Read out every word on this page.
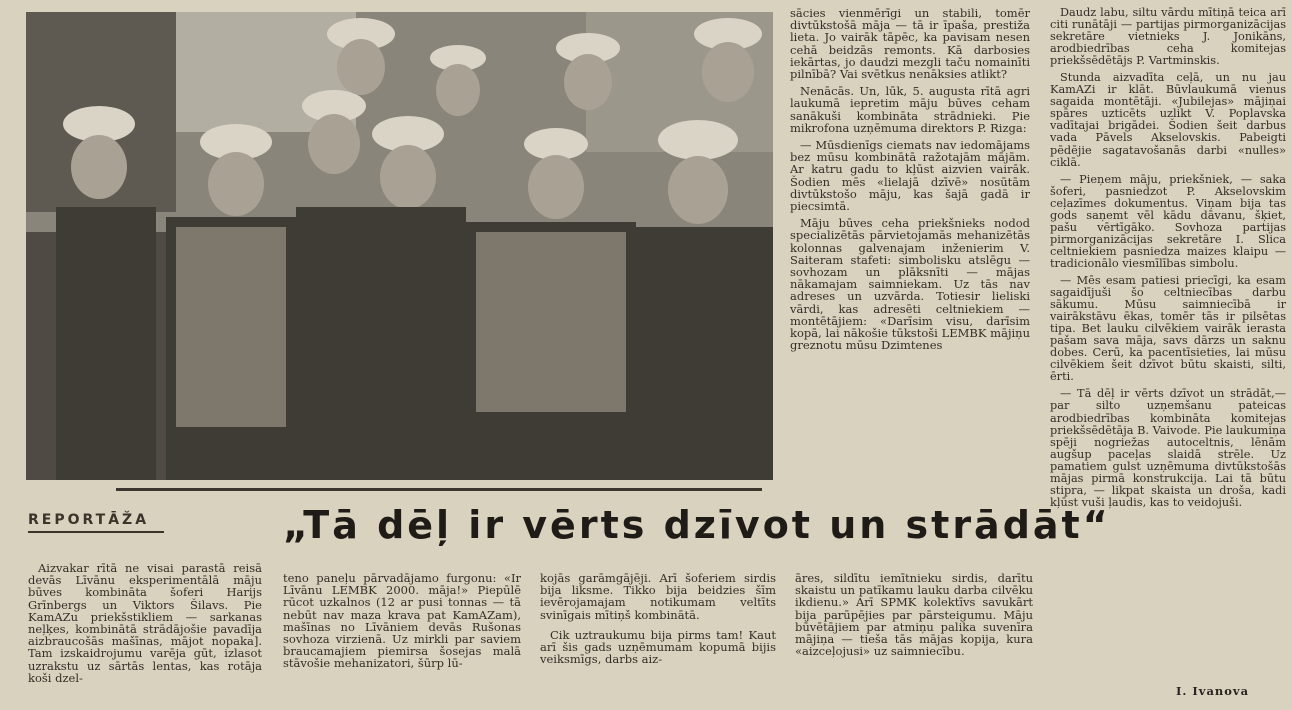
sācies vienmērīgi un stabili, tomēr divtūkstošā māja — tā ir īpaša, prestiža lieta. Jo vairāk tāpēc, ka pavisam nesen cehā beidzās remonts. Kā darbosies iekārtas, jo daudzi mezgli taču nomainīti pilnībā? Vai svētkus nenāksies atlikt?

Nenācās. Un, lūk, 5. augusta rītā agri laukumā iepretim māju būves ceham sanākuši kombināta strādnieki. Pie mikrofona uzņēmuma direktors P. Rizga:

— Mūsdienīgs ciemats nav iedomājams bez mūsu kombinātā ražotajām mājām. Ar katru gadu to kļūst aizvien vairāk. Šodien mēs «lielajā dzīvē» nosūtām divtūkstošo māju, kas šajā gadā ir piecsimtā.

Māju būves ceha priekšnieks nodod specializētās pārvietojamās mehanizētās kolonnas galvenajam inženierim V. Saiteram stafeti: simbolisku atslēgu — sovhozam un plāksnīti — mājas nākamajam saimniekam. Uz tās nav adreses un uzvārda. Totiesir lieliski vārdi, kas adresēti celtniekiem — montētājiem: «Darīsim visu, darīsim kopā, lai nākošie tūkstoši LEMBK mājiņu greznotu mūsu Dzimtenes

Daudz labu, siltu vārdu mītiņā teica arī citi runātāji — partijas pirmorganizācijas sekretāre vietnieks J. Jonikāns, arodbiedrības ceha komitejas priekšsēdētājs P. Vartminskis.

Stunda aizvadīta ceļā, un nu jau KamAZi ir klāt. Būvlaukumā vienus sagaida montētāji. «Jubilejas» mājiņai spāres uzticēts uzlikt V. Poplavska vadītajai brigādei. Šodien šeit darbus vada Pāvels Akselovskis. Pabeigti pēdējie sagatavošanās darbi «nulles» ciklā.

— Pieņem māju, priekšniek, — saka šoferi, pasniedzot P. Akselovskim ceļazīmes dokumentus. Viņam bija tas gods saņemt vēl kādu dāvanu, šķiet, pašu vērtīgāko. Sovhoza partijas pirmorganizācijas sekretāre I. Slica celtniekiem pasniedza maizes klaipu — tradicionālo viesmīlības simbolu.

— Mēs esam patiesi priecīgi, ka esam sagaidījuši šo celtniecības darbu sākumu. Mūsu saimniecībā ir vairākstāvu ēkas, tomēr tās ir pilsētas tipa. Bet lauku cilvēkiem vairāk ierasta pašam sava māja, savs dārzs un saknu dobes. Cerū, ka pacentīsieties, lai mūsu cilvēkiem šeit dzīvot būtu skaisti, silti, ērti.

— Tā dēļ ir vērts dzīvot un strādāt,—par silto uzņemšanu pateicas arodbiedrības kombināta komitejas priekšsēdētāja B. Vaivode. Pie laukumiņa spēji nogriežas autoceltnis, lēnām augšup paceļas slaidā strēle. Uz pamatiem gulst uzņēmuma divtūkstošās mājas pirmā konstrukcija. Lai tā būtu stipra, — likpat skaista un droša, kadi kļūst vuši ļaudis, kas to veidojuši.

REPORTĀŽA	„Tā dēļ ir vērts dzīvot un strādāt“

Aizvakar rītā ne visai parastā reisā devās Līvānu eksperimentālā māju būves kombināta šoferi Harijs Grīnbergs un Viktors Šilavs. Pie KamAZu priekšstikliem — sarkanas neļķes, kombinātā strādājošie pavadīja aizbraucošās mašīnas, mājot nopaka]. Tam izskaidrojumu varēja gūt, izlasot uzrakstu uz sārtās lentas, kas rotāja koši dzel-

teno paneļu pārvadājamo furgonu: «Ir Līvānu LEMBK 2000. māja!» Piepūlē rūcot uzkalnos (12 ar pusi tonnas — tā nebūt nav maza krava pat KamAZam), mašīnas no Līvāniem devās Rušonas sovhoza virzienā. Uz mirkli par saviem braucamajiem piemirsa šosejas malā stāvošie mehanizatori, šūrp lū-

kojās garāmgājēji. Arī šoferiem sirdis bija liksme. Tikko bija beidzies šīm ievērojamajam notikumam veltīts svinīgais mītiņš kombinātā.

Cik uztraukumu bija pirms tam! Kaut arī šis gads uzņēmumam kopumā bijis veiksmīgs, darbs aiz-

āres, sildītu iemītnieku sirdis, darītu skaistu un patīkamu lauku darba cilvēku ikdienu.» Arī SPMK kolektīvs savukārt bija parūpējies par pārsteigumu. Māju būvētājiem par atmiņu palika suvenīra mājiņa — tieša tās mājas kopija, kura «aizceļojusi» uz saimniecību.

I. Ivanova
